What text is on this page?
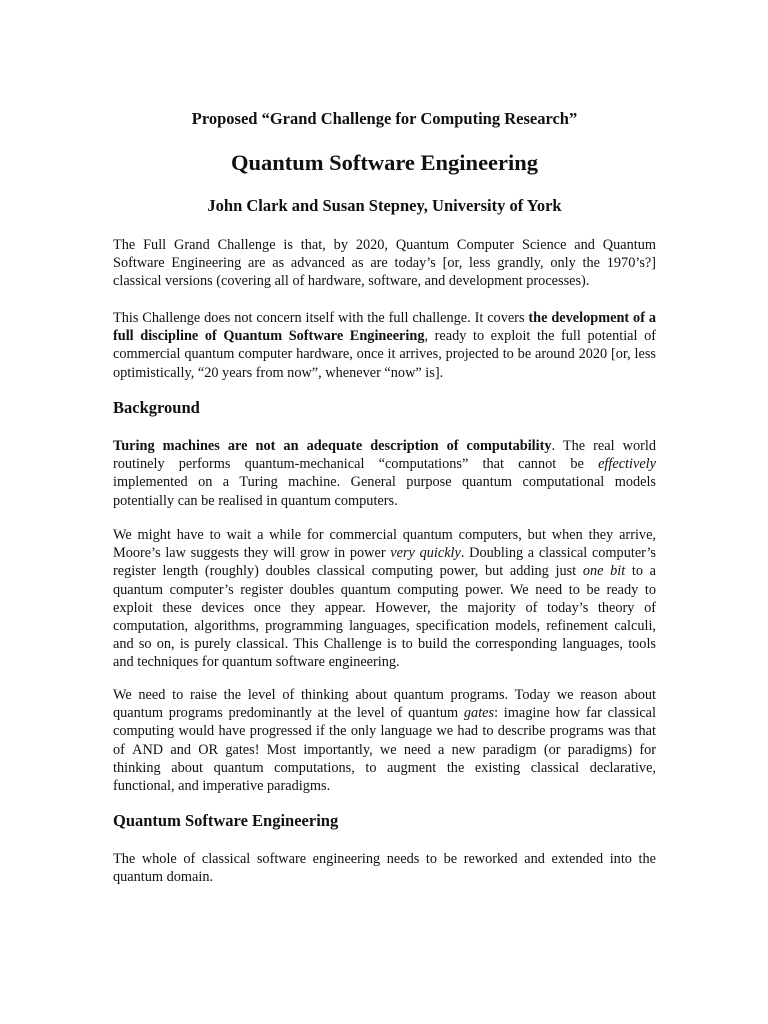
Proposed “Grand Challenge for Computing Research”
Quantum Software Engineering
John Clark and Susan Stepney, University of York

The Full Grand Challenge is that, by 2020, Quantum Computer Science and Quantum Software Engineering are as advanced as are today’s [or, less grandly, only the 1970’s?] classical versions (covering all of hardware, software, and development processes).

This Challenge does not concern itself with the full challenge. It covers the development of a full discipline of Quantum Software Engineering, ready to exploit the full potential of commercial quantum computer hardware, once it arrives, projected to be around 2020 [or, less optimistically, “20 years from now”, whenever “now” is].

Background

Turing machines are not an adequate description of computability. The real world routinely performs quantum-mechanical “computations” that cannot be effectively implemented on a Turing machine. General purpose quantum computational models potentially can be realised in quantum computers.

We might have to wait a while for commercial quantum computers, but when they arrive, Moore’s law suggests they will grow in power very quickly. Doubling a classical computer’s register length (roughly) doubles classical computing power, but adding just one bit to a quantum computer’s register doubles quantum computing power. We need to be ready to exploit these devices once they appear. However, the majority of today’s theory of computation, algorithms, programming languages, specification models, refinement calculi, and so on, is purely classical. This Challenge is to build the corresponding languages, tools and techniques for quantum software engineering.

We need to raise the level of thinking about quantum programs. Today we reason about quantum programs predominantly at the level of quantum gates: imagine how far classical computing would have progressed if the only language we had to describe programs was that of AND and OR gates! Most importantly, we need a new paradigm (or paradigms) for thinking about quantum computations, to augment the existing classical declarative, functional, and imperative paradigms.

Quantum Software Engineering

The whole of classical software engineering needs to be reworked and extended into the quantum domain.
